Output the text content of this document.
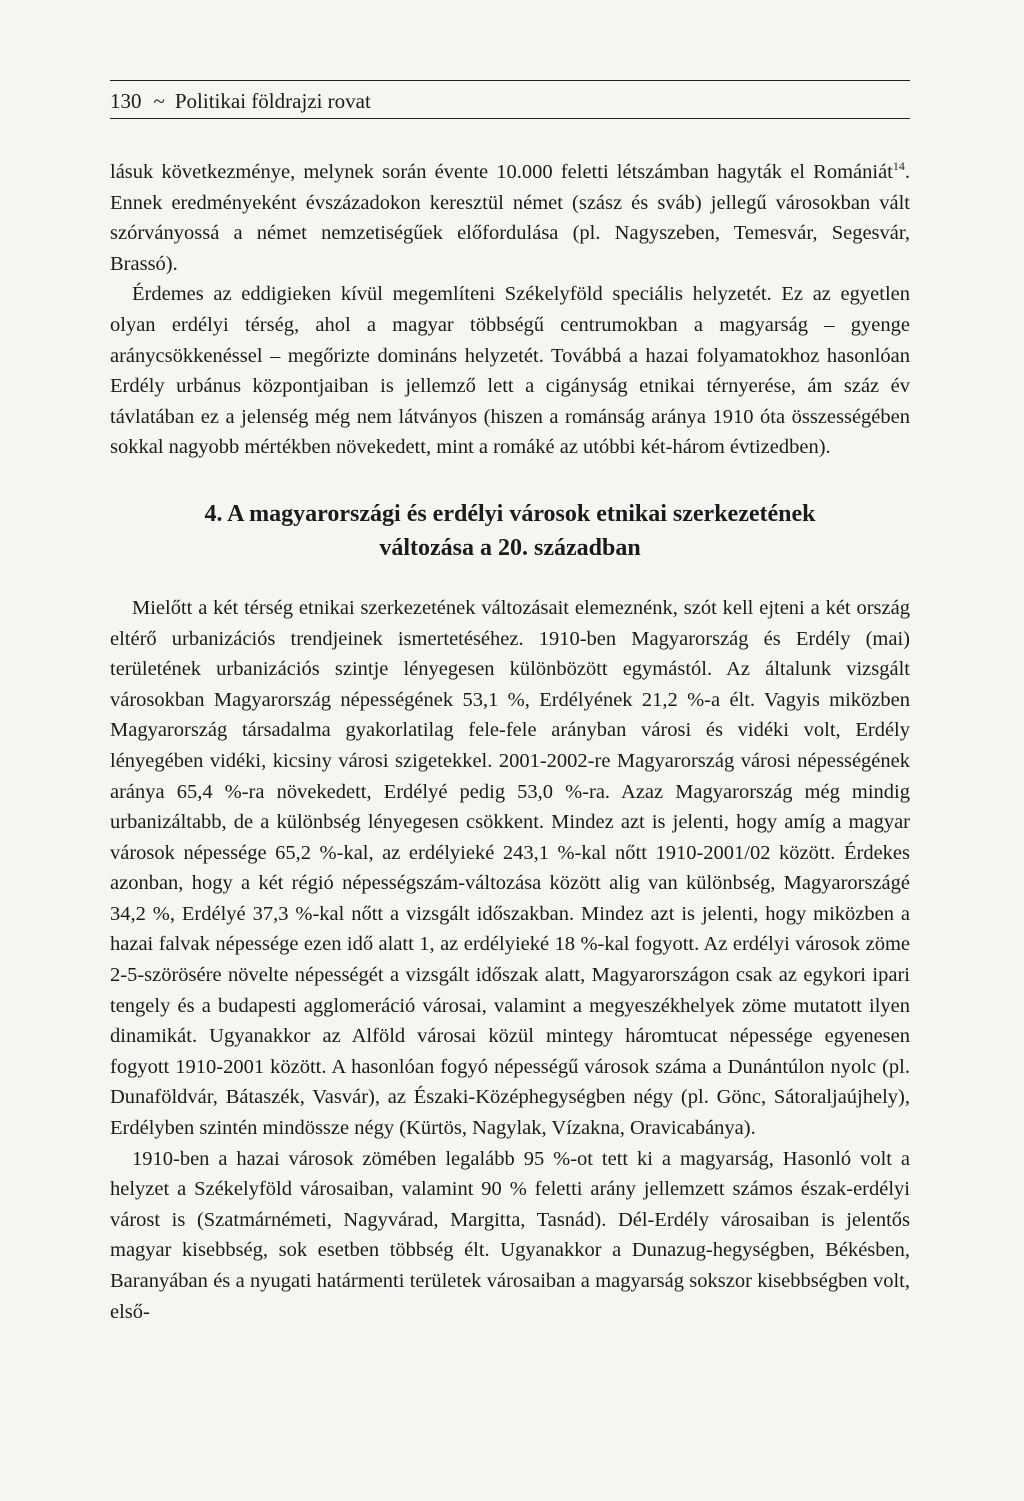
130 ~ Politikai földrajzi rovat

lásuk következménye, melynek során évente 10.000 feletti létszámban hagyták el Romániát$^{14}$. Ennek eredményeként évszázadokon keresztül német (szász és sváb) jellegű városokban vált szórványossá a német nemzetiségűek előfordulása (pl. Nagyszeben, Temesvár, Segesvár, Brassó).

Érdemes az eddigieken kívül megemlíteni Székelyföld speciális helyzetét. Ez az egyetlen olyan erdélyi térség, ahol a magyar többségű centrumokban a magyarság – gyenge aránycsökkenéssel – megőrizte domináns helyzetét. Továbbá a hazai folyamatokhoz hasonlóan Erdély urbánus központjaiban is jellemző lett a cigányság etnikai térnyerése, ám száz év távlatában ez a jelenség még nem látványos (hiszen a románság aránya 1910 óta összességében sokkal nagyobb mértékben növekedett, mint a romáké az utóbbi két-három évtizedben).

4. A magyarországi és erdélyi városok etnikai szerkezetének
változása a 20. században

Mielőtt a két térség etnikai szerkezetének változásait elemeznénk, szót kell ejteni a két ország eltérő urbanizációs trendjeinek ismertetéséhez. 1910-ben Magyarország és Erdély (mai) területének urbanizációs szintje lényegesen különbözött egymástól. Az általunk vizsgált városokban Magyarország népességének 53,1 %, Erdélyének 21,2 %-a élt. Vagyis miközben Magyarország társadalma gyakorlatilag fele-fele arányban városi és vidéki volt, Erdély lényegében vidéki, kicsiny városi szigetekkel. 2001-2002-re Magyarország városi népességének aránya 65,4 %-ra növekedett, Erdélyé pedig 53,0 %-ra. Azaz Magyarország még mindig urbanizáltabb, de a különbség lényegesen csökkent. Mindez azt is jelenti, hogy amíg a magyar városok népessége 65,2 %-kal, az erdélyieké 243,1 %-kal nőtt 1910-2001/02 között. Érdekes azonban, hogy a két régió népességszám-változása között alig van különbség, Magyarországé 34,2 %, Erdélyé 37,3 %-kal nőtt a vizsgált időszakban. Mindez azt is jelenti, hogy miközben a hazai falvak népessége ezen idő alatt 1, az erdélyieké 18 %-kal fogyott. Az erdélyi városok zöme 2-5-szörösére növelte népességét a vizsgált időszak alatt, Magyarországon csak az egykori ipari tengely és a budapesti agglomeráció városai, valamint a megyeszékhelyek zöme mutatott ilyen dinamikát. Ugyanakkor az Alföld városai közül mintegy háromtucat népessége egyenesen fogyott 1910-2001 között. A hasonlóan fogyó népességű városok száma a Dunántúlon nyolc (pl. Dunaföldvár, Bátaszék, Vasvár), az Északi-Középhegységben négy (pl. Gönc, Sátoraljaújhely), Erdélyben szintén mindössze négy (Kürtös, Nagylak, Vízakna, Oravicabánya).

1910-ben a hazai városok zömében legalább 95 %-ot tett ki a magyarság, Hasonló volt a helyzet a Székelyföld városaiban, valamint 90 % feletti arány jellemzett számos észak-erdélyi várost is (Szatmárnémeti, Nagyvárad, Margitta, Tasnád). Dél-Erdély városaiban is jelentős magyar kisebbség, sok esetben többség élt. Ugyanakkor a Dunazug-hegységben, Békésben, Baranyában és a nyugati határmenti területek városaiban a magyarság sokszor kisebbségben volt, első-
